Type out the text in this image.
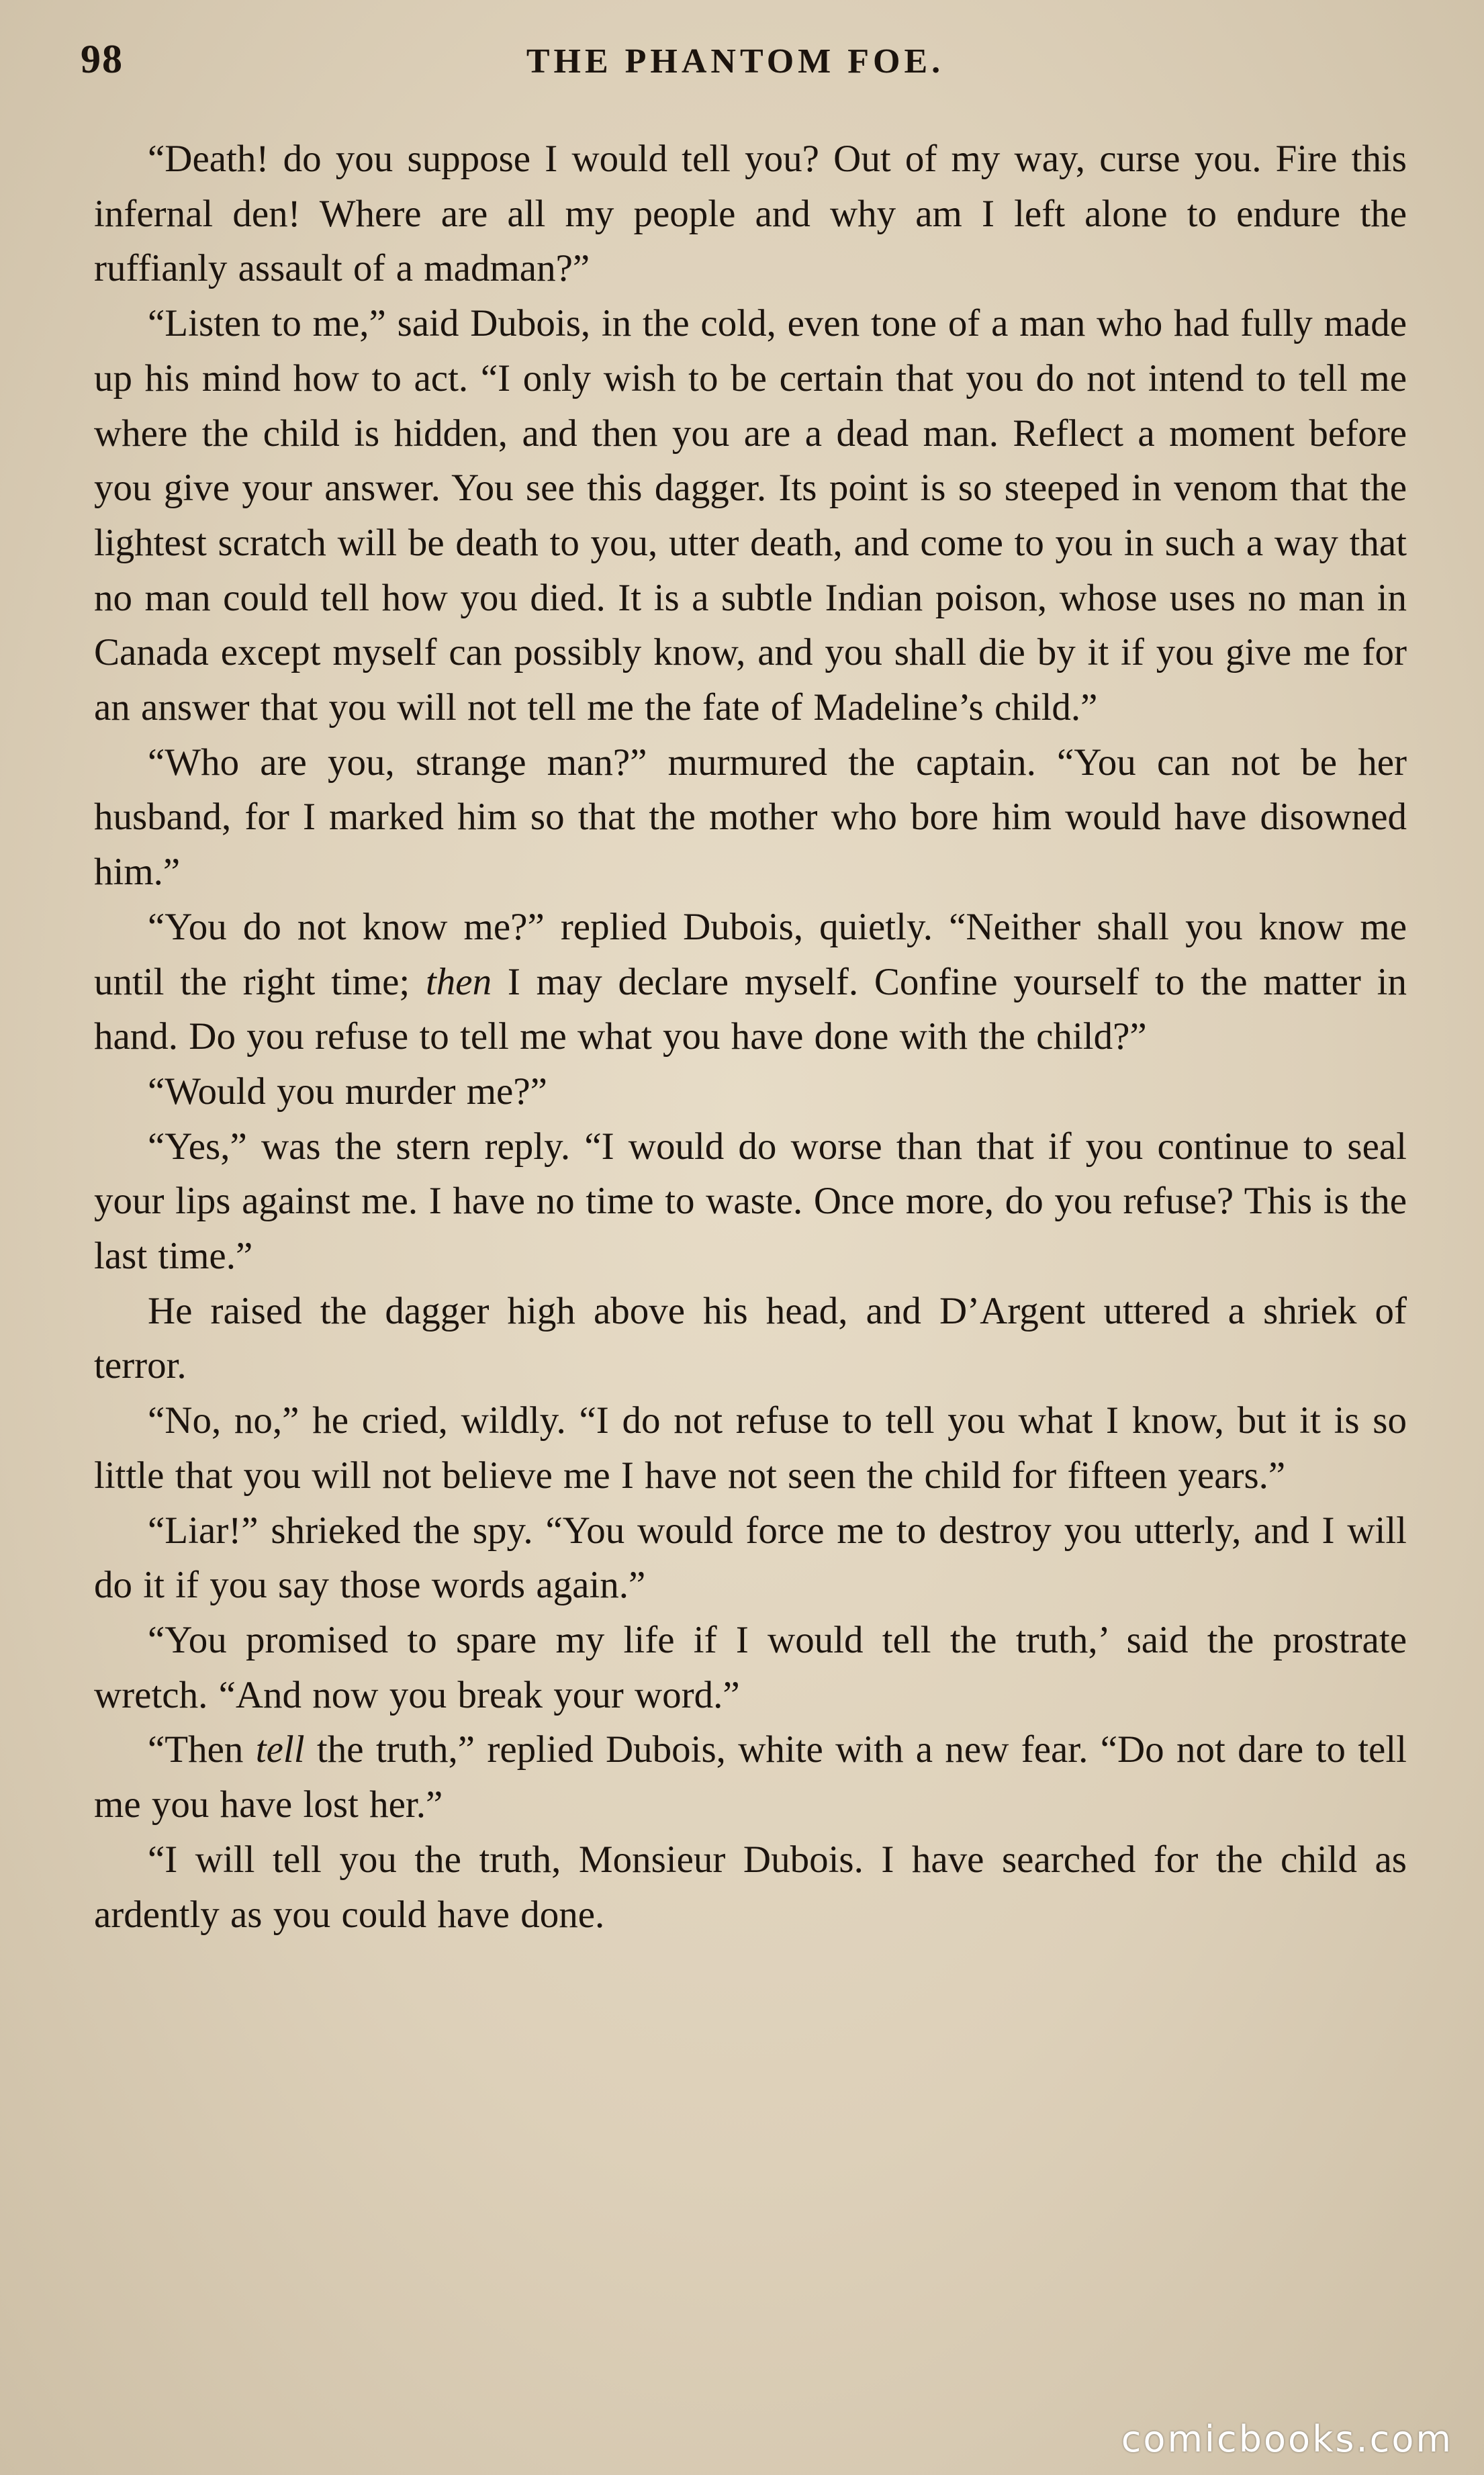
98	THE PHANTOM FOE.

“Death! do you suppose I would tell you? Out of my way, curse you. Fire this infernal den! Where are all my people and why am I left alone to endure the ruffianly assault of a madman?”

“Listen to me,” said Dubois, in the cold, even tone of a man who had fully made up his mind how to act. “I only wish to be certain that you do not intend to tell me where the child is hidden, and then you are a dead man. Reflect a moment before you give your answer. You see this dagger. Its point is so steeped in venom that the lightest scratch will be death to you, utter death, and come to you in such a way that no man could tell how you died. It is a subtle Indian poison, whose uses no man in Canada except myself can possibly know, and you shall die by it if you give me for an answer that you will not tell me the fate of Madeline’s child.”

“Who are you, strange man?” murmured the captain. “You can not be her husband, for I marked him so that the mother who bore him would have disowned him.”

“You do not know me?” replied Dubois, quietly. “Neither shall you know me until the right time; then I may declare myself. Confine yourself to the matter in hand. Do you refuse to tell me what you have done with the child?”

“Would you murder me?”

“Yes,” was the stern reply. “I would do worse than that if you continue to seal your lips against me. I have no time to waste. Once more, do you refuse? This is the last time.”

He raised the dagger high above his head, and D’Argent uttered a shriek of terror.

“No, no,” he cried, wildly. “I do not refuse to tell you what I know, but it is so little that you will not believe me I have not seen the child for fifteen years.”

“Liar!” shrieked the spy. “You would force me to destroy you utterly, and I will do it if you say those words again.”

“You promised to spare my life if I would tell the truth,’ said the prostrate wretch. “And now you break your word.”

“Then tell the truth,” replied Dubois, white with a new fear. “Do not dare to tell me you have lost her.”

“I will tell you the truth, Monsieur Dubois. I have searched for the child as ardently as you could have done.

comicbooks.com
